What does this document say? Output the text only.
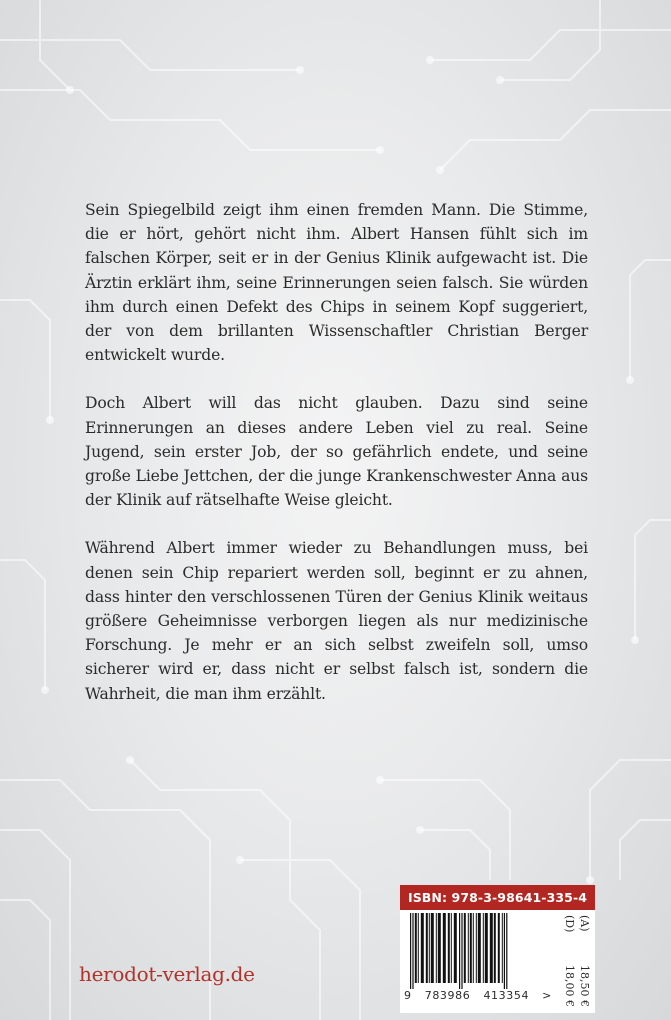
Sein Spiegelbild zeigt ihm einen fremden Mann. Die Stimme, die er hört, gehört nicht ihm. Albert Hansen fühlt sich im falschen Körper, seit er in der Genius Klinik aufgewacht ist. Die Ärztin erklärt ihm, seine Erinnerungen seien falsch. Sie würden ihm durch einen Defekt des Chips in seinem Kopf suggeriert, der von dem brillanten Wissenschaftler Christian Berger entwickelt wurde.

Doch Albert will das nicht glauben. Dazu sind seine Erinnerungen an dieses andere Leben viel zu real. Seine Jugend, sein erster Job, der so gefährlich endete, und seine große Liebe Jettchen, der die junge Krankenschwester Anna aus der Klinik auf rätselhafte Weise gleicht.

Während Albert immer wieder zu Behandlungen muss, bei denen sein Chip repariert werden soll, beginnt er zu ahnen, dass hinter den verschlossenen Türen der Genius Klinik weitaus größere Geheimnisse verborgen liegen als nur medizinische Forschung. Je mehr er an sich selbst zweifeln soll, umso sicherer wird er, dass nicht er selbst falsch ist, sondern die Wahrheit, die man ihm erzählt.

herodot-verlag.de
ISBN: 978-3-98641-335-4
9 783986 413354 >
(D)
18,00 €
(A)
18,50 €
